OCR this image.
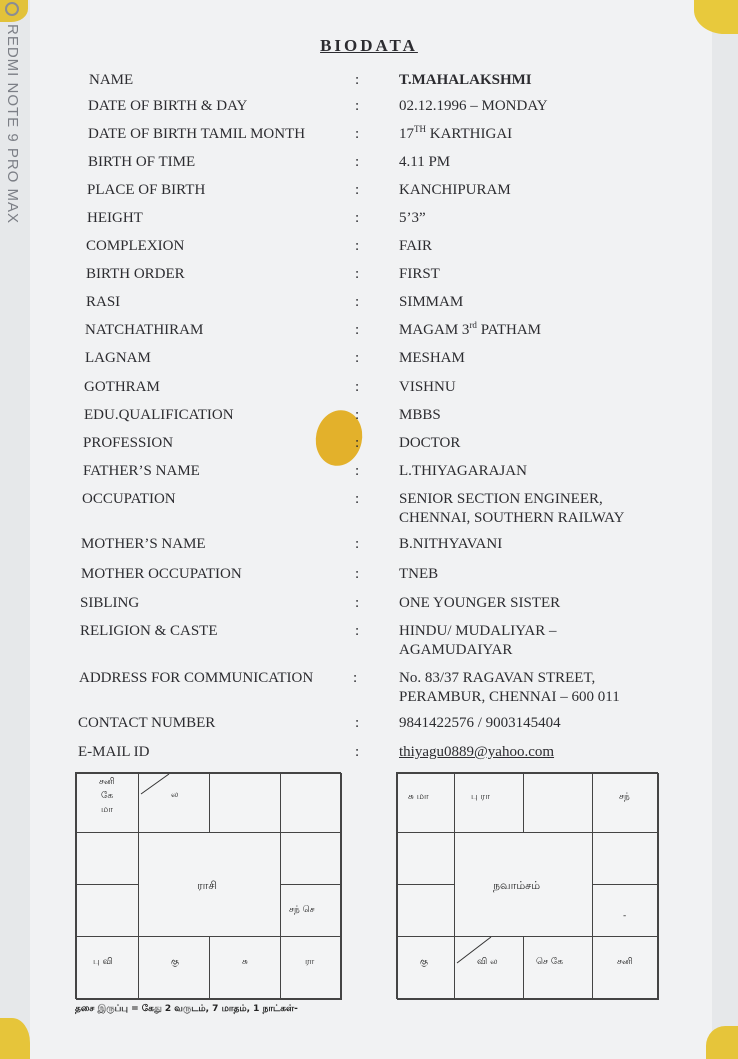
REDMI NOTE 9 PRO MAX	BIODATA
NAME	:	T.MAHALAKSHMI
DATE OF BIRTH & DAY	:	02.12.1996 – MONDAY
DATE OF BIRTH TAMIL MONTH	:	17TH KARTHIGAI
BIRTH OF TIME	:	4.11 PM
PLACE OF BIRTH	:	KANCHIPURAM
HEIGHT	:	5’3”
COMPLEXION	:	FAIR
BIRTH ORDER	:	FIRST
RASI	:	SIMMAM
NATCHATHIRAM	:	MAGAM 3rd PATHAM
LAGNAM	:	MESHAM
GOTHRAM	:	VISHNU
EDU.QUALIFICATION	:	MBBS
PROFESSION	:	DOCTOR
FATHER’S NAME	:	L.THIYAGARAJAN
OCCUPATION	:	SENIOR SECTION ENGINEER,
CHENNAI, SOUTHERN RAILWAY
MOTHER’S NAME	:	B.NITHYAVANI
MOTHER OCCUPATION	:	TNEB
SIBLING	:	ONE YOUNGER SISTER
RELIGION & CASTE	:	HINDU/ MUDALIYAR –
AGAMUDAIYAR
ADDRESS FOR COMMUNICATION	:	No. 83/37 RAGAVAN STREET,
PERAMBUR, CHENNAI – 600 011
CONTACT NUMBER	:	9841422576 / 9003145404
E-MAIL ID	:	thiyagu0889@yahoo.com
சனி
கே
மா
ல
ராசி
சந் செ
பு வி	கு	சு	ரா
சு மா	பு ரா	சந்
நவாம்சம்
-
கு	வி ல	செ கே	சனி
தசை இருப்பு = கேது 2 வருடம், 7 மாதம், 1 நாட்கள்-
